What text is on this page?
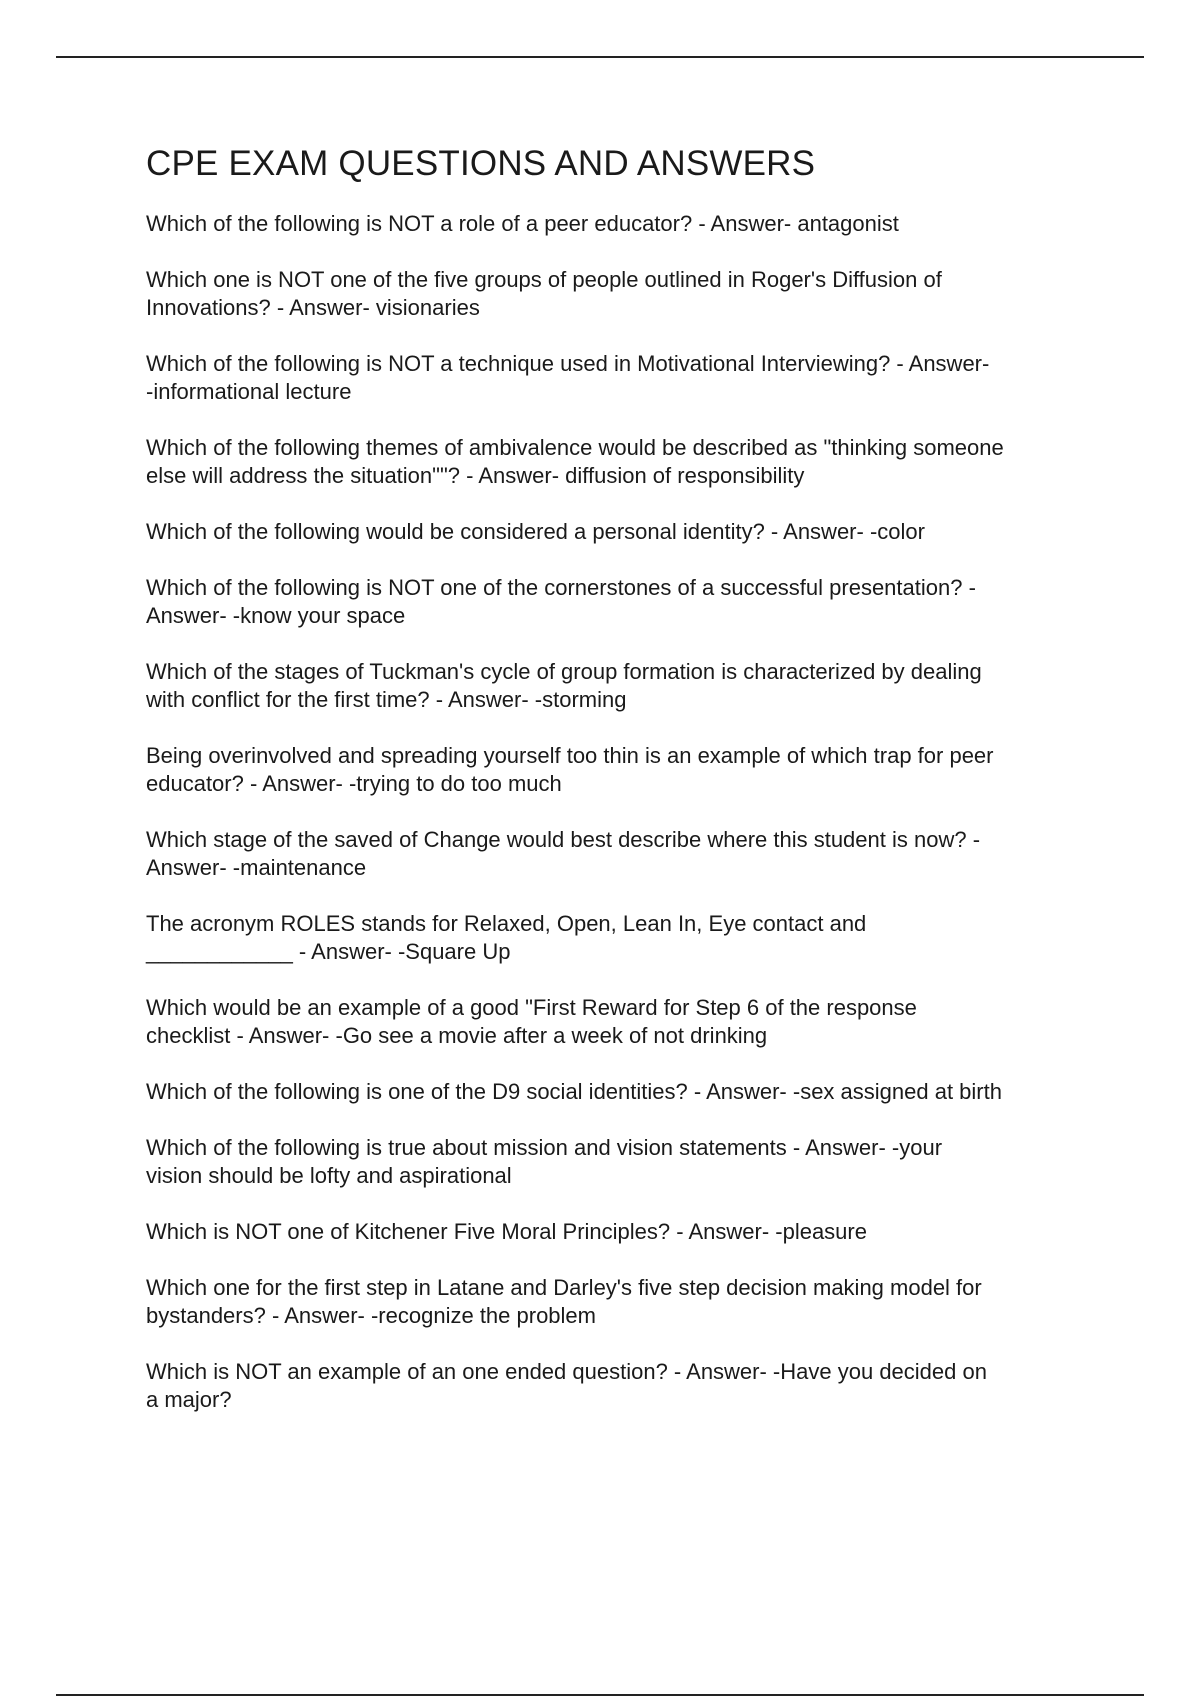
CPE EXAM QUESTIONS AND ANSWERS

Which of the following is NOT a role of a peer educator? - Answer- antagonist

Which one is NOT one of the five groups of people outlined in Roger's Diffusion of
Innovations? - Answer- visionaries

Which of the following is NOT a technique used in Motivational Interviewing? - Answer-
-informational lecture

Which of the following themes of ambivalence would be described as "thinking someone
else will address the situation""? - Answer- diffusion of responsibility

Which of the following would be considered a personal identity? - Answer- -color

Which of the following is NOT one of the cornerstones of a successful presentation? -
Answer- -know your space

Which of the stages of Tuckman's cycle of group formation is characterized by dealing
with conflict for the first time? - Answer- -storming

Being overinvolved and spreading yourself too thin is an example of which trap for peer
educator? - Answer- -trying to do too much

Which stage of the saved of Change would best describe where this student is now? -
Answer- -maintenance

The acronym ROLES stands for Relaxed, Open, Lean In, Eye contact and
____________ - Answer- -Square Up

Which would be an example of a good "First Reward for Step 6 of the response
checklist - Answer- -Go see a movie after a week of not drinking

Which of the following is one of the D9 social identities? - Answer- -sex assigned at birth

Which of the following is true about mission and vision statements - Answer- -your
vision should be lofty and aspirational

Which is NOT one of Kitchener Five Moral Principles? - Answer- -pleasure

Which one for the first step in Latane and Darley's five step decision making model for
bystanders? - Answer- -recognize the problem

Which is NOT an example of an one ended question? - Answer- -Have you decided on
a major?
